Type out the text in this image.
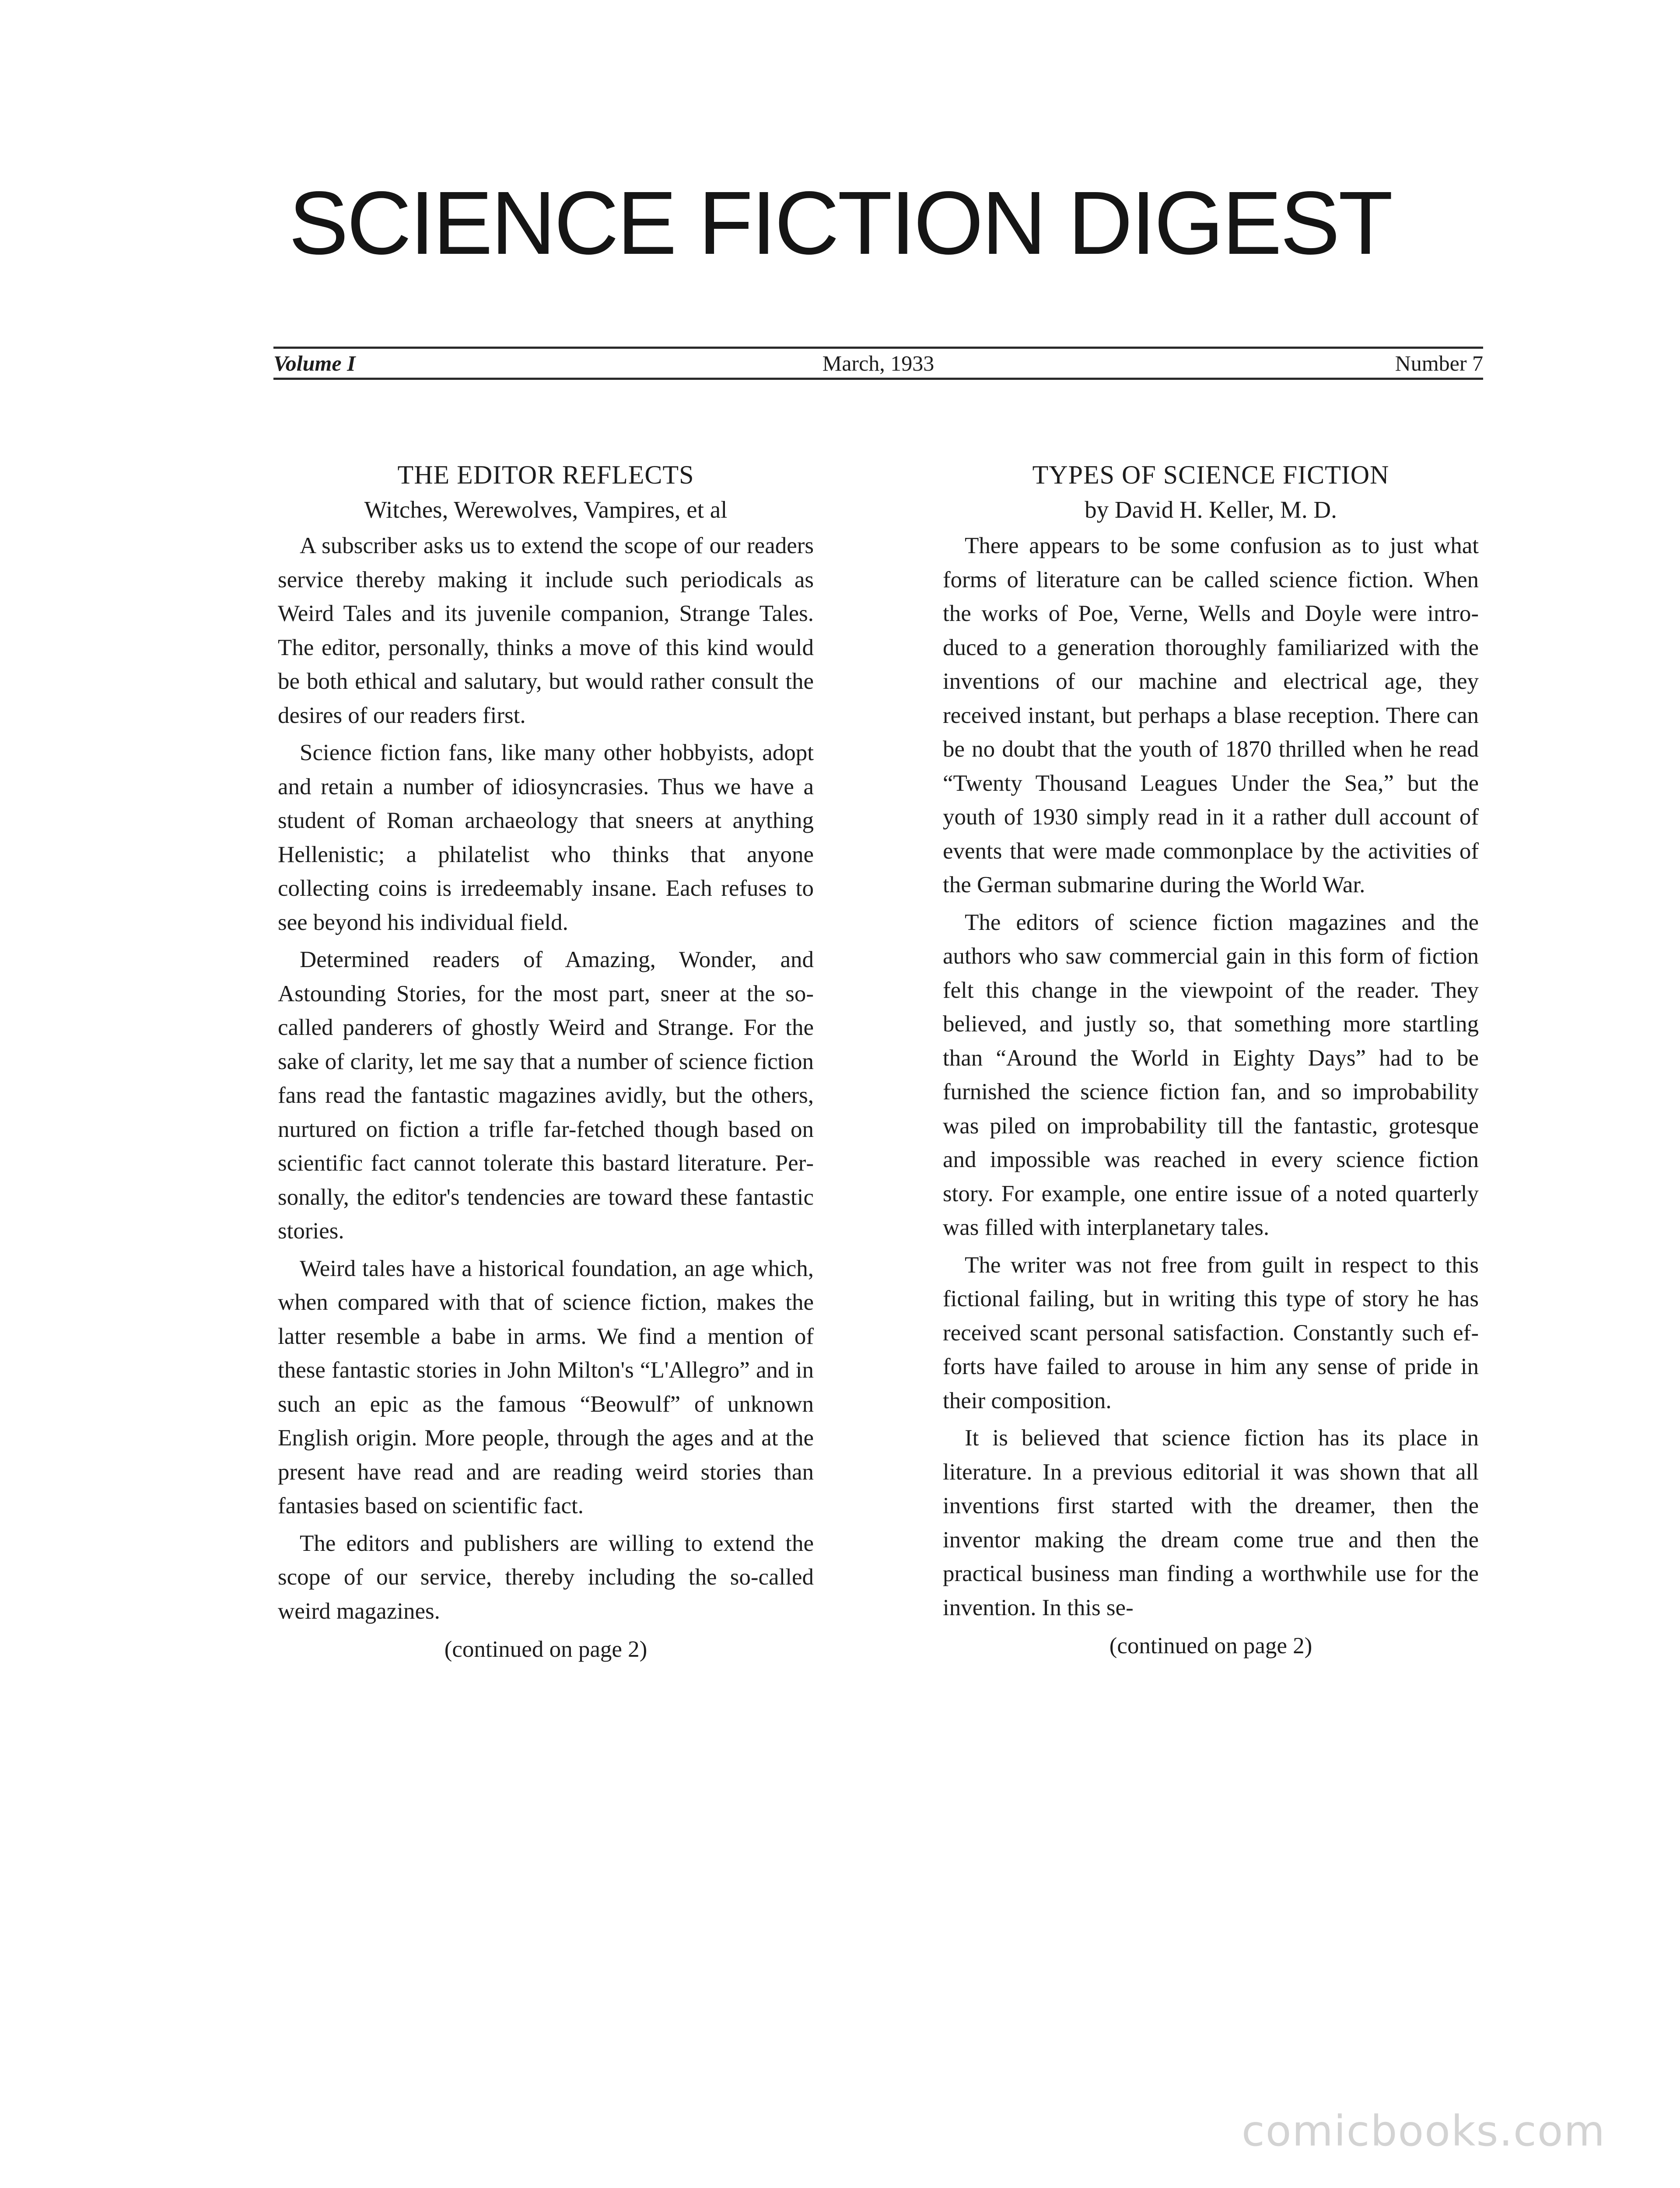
SCIENCE FICTION DIGEST
Volume I	March, 1933	Number 7
THE EDITOR REFLECTS
Witches, Werewolves, Vampires, et al

A subscriber asks us to extend the scope of our readers service thereby making it include such periodicals as Weird Tales and its juvenile companion, Strange Tales. The editor, personally, thinks a move of this kind would be both ethical and salutary, but would rather consult the desires of our readers first.

Science fiction fans, like many other hobbyists, adopt and retain a number of idiosyncrasies. Thus we have a student of Roman archaeology that sneers at anything Hellenistic; a philatelist who thinks that anyone collecting coins is irredeemably insane. Each refuses to see beyond his individual field.

Determined readers of Amazing, Wonder, and Astounding Stories, for the most part, sneer at the so-called panderers of ghostly Weird and Strange. For the sake of clarity, let me say that a number of science fiction fans read the fantastic magazines avidly, but the others, nurtured on fiction a trifle far-fetched though based on scientific fact cannot tolerate this bastard literature. Personally, the editor's tendencies are toward these fantastic stories.

Weird tales have a historical foundation, an age which, when compared with that of science fiction, makes the latter resemble a babe in arms. We find a mention of these fantastic stories in John Milton's “L'Allegro” and in such an epic as the famous “Beowulf” of unknown English origin. More people, through the ages and at the present have read and are reading weird stories than fantasies based on scientific fact.

The editors and publishers are willing to extend the scope of our service, thereby including the so-called weird magazines.

(continued on page 2)

TYPES OF SCIENCE FICTION
by David H. Keller, M. D.

There appears to be some confusion as to just what forms of literature can be called science fiction. When the works of Poe, Verne, Wells and Doyle were introduced to a generation thoroughly familiarized with the inventions of our machine and electrical age, they received instant, but perhaps a blase reception. There can be no doubt that the youth of 1870 thrilled when he read “Twenty Thousand Leagues Under the Sea,” but the youth of 1930 simply read in it a rather dull account of events that were made commonplace by the activities of the German submarine during the World War.

The editors of science fiction magazines and the authors who saw commercial gain in this form of fiction felt this change in the viewpoint of the reader. They believed, and justly so, that something more startling than “Around the World in Eighty Days” had to be furnished the science fiction fan, and so improbability was piled on improbability till the fantastic, grotesque and impossible was reached in every science fiction story. For example, one entire issue of a noted quarterly was filled with interplanetary tales.

The writer was not free from guilt in respect to this fictional failing, but in writing this type of story he has received scant personal satisfaction. Constantly such efforts have failed to arouse in him any sense of pride in their composition.

It is believed that science fiction has its place in literature. In a previous editorial it was shown that all inventions first started with the dreamer, then the inventor making the dream come true and then the practical business man finding a worthwhile use for the invention. In this se-

(continued on page 2)

comicbooks.com
